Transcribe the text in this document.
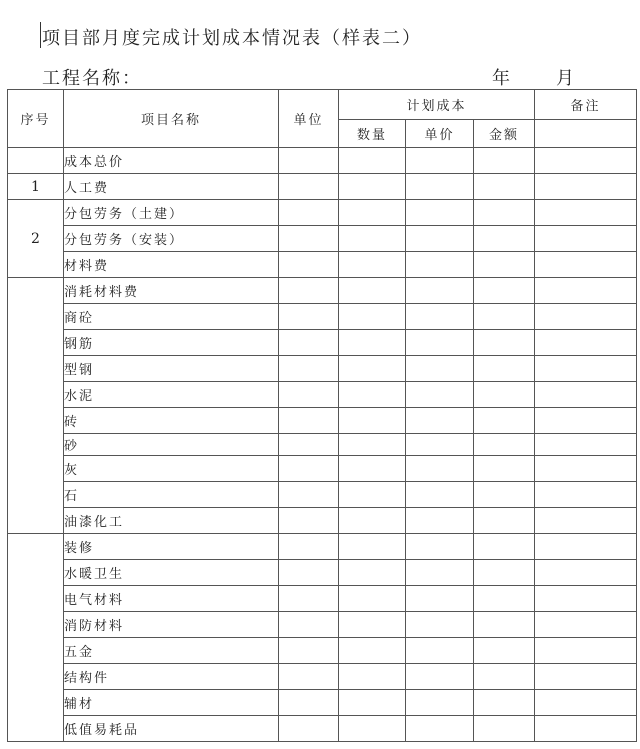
项目部月度完成计划成本情况表（样表二）
工程名称：	年	月
序号	项目名称	单位	计划成本			备注
			数量	单价	金额	
	成本总价					
1	人工费					
2	分包劳务（土建）					
	分包劳务（安装）					
	材料费					
	消耗材料费					
	商砼					
	钢筋					
	型钢					
	水泥					
	砖					
	砂					
	灰					
	石					
	油漆化工					
	装修					
	水暖卫生					
	电气材料					
	消防材料					
	五金					
	结构件					
	辅材					
	低值易耗品					
